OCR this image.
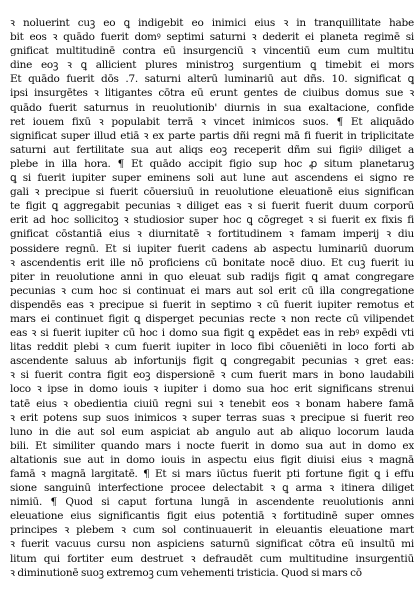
ꝛ noluerint cuꝫ eo ꝗ indigebit eo inimici eius ꝛ in tranquillitate habe
bit eos ꝛ quādo fuerit domꝰ septimi saturni ꝛ dederit ei planeta regimē si
gnificat multitudinē contra eū insurgenciū ꝛ vincentiū eum cum multitu
dine eoꝫ ꝛ ꝗ allicient plures ministroꝫ surgentium ꝗ timebit ei mors
Et quādo fuerit dōs .7. saturni alterū luminariū aut dñs. 10. significat ꝗ
ipsi insurgētes ꝛ litigantes cōtra eū erunt gentes de ciuibus domus sue ꝛ
quādo fuerit saturnus in reuolutionib' diurnis in sua exaltacione, confide
ret iouem fixū ꝛ populabit terrā ꝛ vincet inimicos suos. ¶ Et aliquādo
significat super illud etiā ꝛ ex parte partis dñi regni mā fi fuerit in triplicitate
saturni aut fertilitate sua aut aliqs eoꝫ receperit dñm sui figiiꝰ diliget a
plebe in illa hora. ¶ Et quādo accipit figio sup hoc ꝓ situm planetaruꝫ
ꝗ si fuerit iupiter super eminens soli aut lune aut ascendens ei signo re
gali ꝛ precipue si fuerit cōuersiuū in reuolutione eleuationē eius significan
te figit ꝗ aggregabit pecunias ꝛ diliget eas ꝛ si fuerit fuerit duum corporū
erit ad hoc sollicitoꝫ ꝛ studiosior super hoc ꝗ cōgreget ꝛ si fuerit ex fixis fi
gnificat cōstantiā eius ꝛ diurnitatē ꝛ fortitudinem ꝛ famam imperij ꝛ diu
possidere regnū. Et si iupiter fuerit cadens ab aspectu luminariū duorum
ꝛ ascendentis erit ille nō proficiens cū bonitate nocē diuo. Et cuꝫ fuerit iu
piter in reuolutione anni in quo eleuat sub radijs figit ꝗ amat congregare
pecunias ꝛ cum hoc si continuat ei mars aut sol erit cū illa congregatione
dispendēs eas ꝛ precipue si fuerit in septimo ꝛ cū fuerit iupiter remotus et
mars ei continuet figit ꝗ disperget pecunias recte ꝛ non recte cū vilipendet
eas ꝛ si fuerit iupiter cū hoc i domo sua figit ꝗ expēdet eas in rebꝰ expēdi vti
litas reddit plebi ꝛ cum fuerit iupiter in loco fibi cōueniēti in loco forti ab
ascendente saluus ab infortunijs figit ꝗ congregabit pecunias ꝛ gret eas:
ꝛ si fuerit contra figit eoꝫ dispersionē ꝛ cum fuerit mars in bono laudabili
loco ꝛ ipse in domo iouis ꝛ iupiter i domo sua hoc erit significans strenui
tatē eius ꝛ obedientia ciuiū regni sui ꝛ tenebit eos ꝛ bonam habere famā
ꝛ erit potens sup suos inimicos ꝛ super terras suas ꝛ precipue si fuerit reo
luno in die aut sol eum aspiciat ab angulo aut ab aliquo locorum lauda
bili. Et similiter quando mars i nocte fuerit in domo sua aut in domo ex
altationis sue aut in domo iouis in aspectu eius figit diuisi eius ꝛ magnā
famā ꝛ magnā largitatē. ¶ Et si mars iūctus fuerit pti fortune figit ꝗ i effu
sione sanguinū interfectione procee delectabit ꝛ ꝗ arma ꝛ itinera diliget
nimiū. ¶ Quod si caput fortuna lungā in ascendente reuolutionis anni
eleuatione eius significantis figit eius potentiā ꝛ fortitudinē super omnes
principes ꝛ plebem ꝛ cum sol continuauerit in eleuantis eleuatione mart
ꝛ fuerit vacuus cursu non aspiciens saturnū significat cōtra eū insultū mi
litum qui fortiter eum destruet ꝛ defraudēt cum multitudine insurgentiū
ꝛ diminutionē suoꝫ extremoꝫ cum vehementi tristicia. Quod si mars cō
